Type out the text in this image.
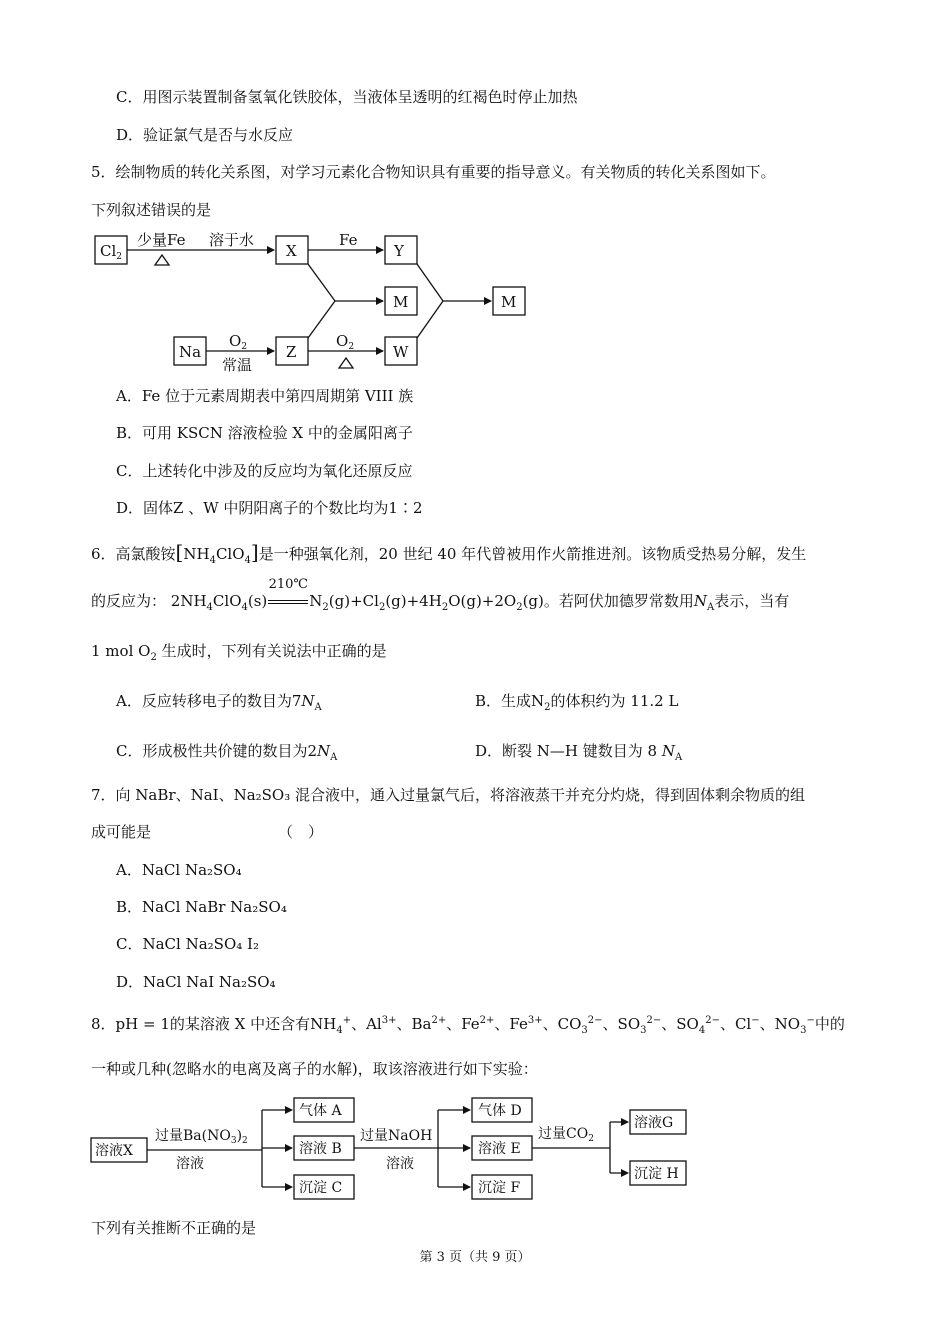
C．用图示装置制备氢氧化铁胶体，当液体呈透明的红褐色时停止加热
D．验证氯气是否与水反应
5．绘制物质的转化关系图，对学习元素化合物知识具有重要的指导意义。有关物质的转化关系图如下。
下列叙述错误的是
$Cl_2$
少量Fe 溶于水
X
Fe
Y
M	M
Na
$O_2$
常温
Z
$O_2$	W
A．Fe 位于元素周期表中第四周期第 VIII 族
B．可用 KSCN 溶液检验 X 中的金属阳离子
C．上述转化中涉及的反应均为氧化还原反应
D．固体Z 、W 中阴阳离子的个数比均为1∶2
6．高氯酸铵$[NH_4ClO_4]$是一种强氧化剂，20 世纪 40 年代曾被用作火箭推进剂。该物质受热易分解，发生
的反应为： $2NH_4ClO_4(s)$
210℃
$N_2(g)+Cl_2(g)+4H_2O(g)+2O_2(g)$。若阿伏加德罗常数用$N_A$表示，当有
1 mol $O_2$ 生成时，下列有关说法中正确的是
A．反应转移电子的数目为$7N_A$	B．生成$N_2$的体积约为 11.2 L
C．形成极性共价键的数目为$2N_A$	D．断裂 N—H 键数目为 8 $N_A$
7．向 NaBr、NaI、Na₂SO₃ 混合液中，通入过量氯气后，将溶液蒸干并充分灼烧，得到固体剩余物质的组
成可能是	（　）
A．NaCl Na₂SO₄
B．NaCl NaBr Na₂SO₄
C．NaCl Na₂SO₄ I₂
D．NaCl NaI Na₂SO₄
8．pH = 1的某溶液 X 中还含有$NH_4^+$、$Al^{3+}$、$Ba^{2+}$、$Fe^{2+}$、$Fe^{3+}$、$CO_3^{2-}$、$SO_3^{2-}$、$SO_4^{2-}$、Cl−、$NO_3^-$中的
一种或几种(忽略水的电离及离子的水解)，取该溶液进行如下实验：
溶液X
过量$Ba(NO_3)_2$
溶液
气体 A
溶液 B
沉淀 C
过量NaOH
溶液
气体 D
溶液 E
沉淀 F
过量$CO_2$
溶液G
沉淀 H
下列有关推断不正确的是
第 3 页（共 9 页）
